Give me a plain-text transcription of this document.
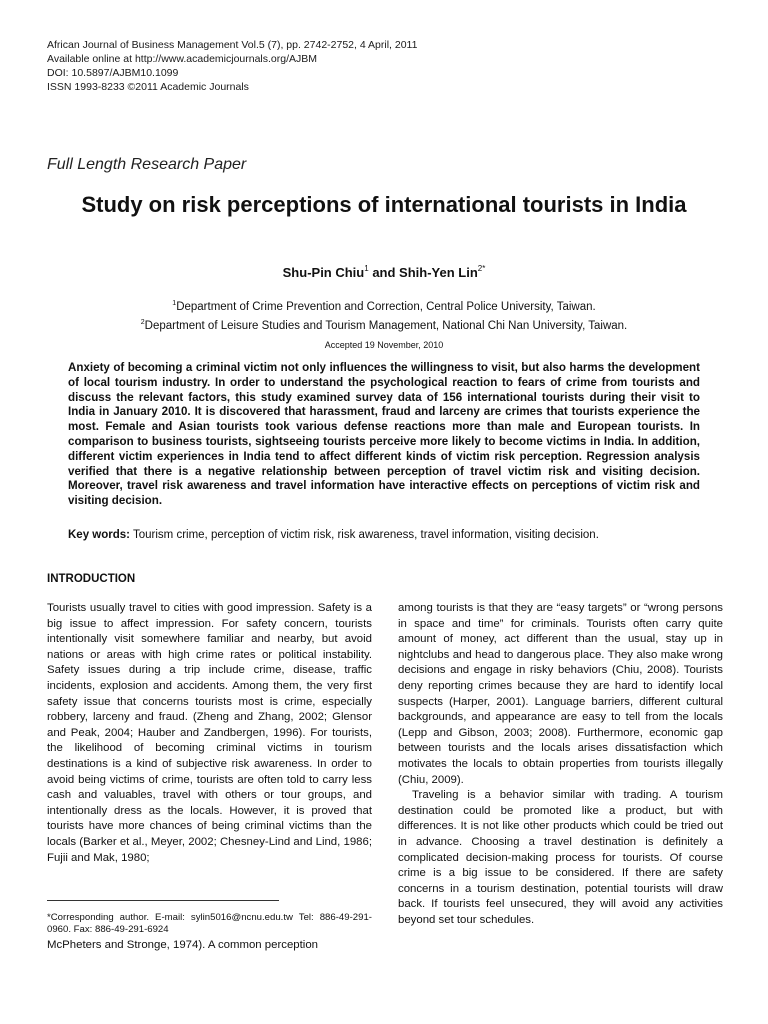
African Journal of Business Management Vol.5 (7), pp. 2742-2752, 4 April, 2011
Available online at http://www.academicjournals.org/AJBM
DOI: 10.5897/AJBM10.1099
ISSN 1993-8233 ©2011 Academic Journals
Full Length Research Paper
Study on risk perceptions of international tourists in India
Shu-Pin Chiu$^1$ and Shih-Yen Lin$^{2*}$
$^1$Department of Crime Prevention and Correction, Central Police University, Taiwan.
$^2$Department of Leisure Studies and Tourism Management, National Chi Nan University, Taiwan.
Accepted 19 November, 2010
Anxiety of becoming a criminal victim not only influences the willingness to visit, but also harms the development of local tourism industry. In order to understand the psychological reaction to fears of crime from tourists and discuss the relevant factors, this study examined survey data of 156 international tourists during their visit to India in January 2010. It is discovered that harassment, fraud and larceny are crimes that tourists experience the most. Female and Asian tourists took various defense reactions more than male and European tourists. In comparison to business tourists, sightseeing tourists perceive more likely to become victims in India. In addition, different victim experiences in India tend to affect different kinds of victim risk perception. Regression analysis verified that there is a negative relationship between perception of travel victim risk and visiting decision. Moreover, travel risk awareness and travel information have interactive effects on perceptions of victim risk and visiting decision.
Key words: Tourism crime, perception of victim risk, risk awareness, travel information, visiting decision.
INTRODUCTION

Tourists usually travel to cities with good impression. Safety is a big issue to affect impression. For safety concern, tourists intentionally visit somewhere familiar and nearby, but avoid nations or areas with high crime rates or political instability. Safety issues during a trip include crime, disease, traffic incidents, explosion and accidents. Among them, the very first safety issue that concerns tourists most is crime, especially robbery, larceny and fraud. (Zheng and Zhang, 2002; Glensor and Peak, 2004; Hauber and Zandbergen, 1996). For tourists, the likelihood of becoming criminal victims in tourism destinations is a kind of subjective risk awareness. In order to avoid being victims of crime, tourists are often told to carry less cash and valuables, travel with others or tour groups, and intentionally dress as the locals. However, it is proved that tourists have more chances of being criminal victims than the locals (Barker et al., Meyer, 2002; Chesney-Lind and Lind, 1986; Fujii and Mak, 1980;

*Corresponding author. E-mail: sylin5016@ncnu.edu.tw Tel: 886-49-291-0960. Fax: 886-49-291-6924
McPheters and Stronge, 1974). A common perception

among tourists is that they are “easy targets” or “wrong persons in space and time” for criminals. Tourists often carry quite amount of money, act different than the usual, stay up in nightclubs and head to dangerous place. They also make wrong decisions and engage in risky behaviors (Chiu, 2008). Tourists deny reporting crimes because they are hard to identify local suspects (Harper, 2001). Language barriers, different cultural backgrounds, and appearance are easy to tell from the locals (Lepp and Gibson, 2003; 2008). Furthermore, economic gap between tourists and the locals arises dissatisfaction which motivates the locals to obtain properties from tourists illegally (Chiu, 2009).

Traveling is a behavior similar with trading. A tourism destination could be promoted like a product, but with differences. It is not like other products which could be tried out in advance. Choosing a travel destination is definitely a complicated decision-making process for tourists. Of course crime is a big issue to be considered. If there are safety concerns in a tourism destination, potential tourists will draw back. If tourists feel unsecured, they will avoid any activities beyond set tour schedules.
